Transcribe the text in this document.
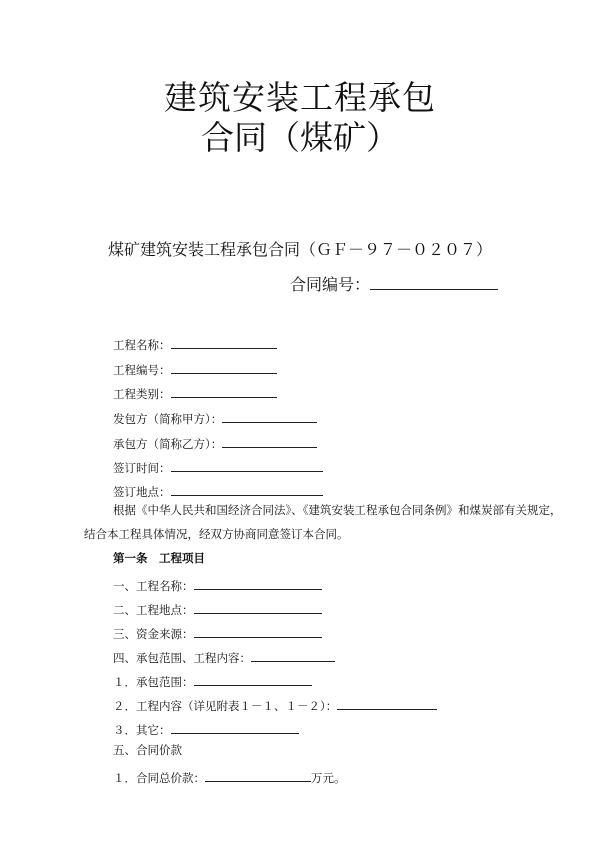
建筑安装工程承包
合同（煤矿）
煤矿建筑安装工程承包合同（ＧＦ－９７－０２０７）
合同编号：
工程名称：
工程编号：
工程类别：
发包方（简称甲方）：
承包方（简称乙方）：
签订时间：
签订地点：
根据《中华人民共和国经济合同法》、《建筑安装工程承包合同条例》和煤炭部有关规定，
结合本工程具体情况，经双方协商同意签订本合同。
第一条　工程项目
一、工程名称：
二、工程地点：
三、资金来源：
四、承包范围、工程内容：
１．承包范围：
２．工程内容（详见附表１－１、１－２）：
３．其它：
五、合同价款
１．合同总价款：	万元。
